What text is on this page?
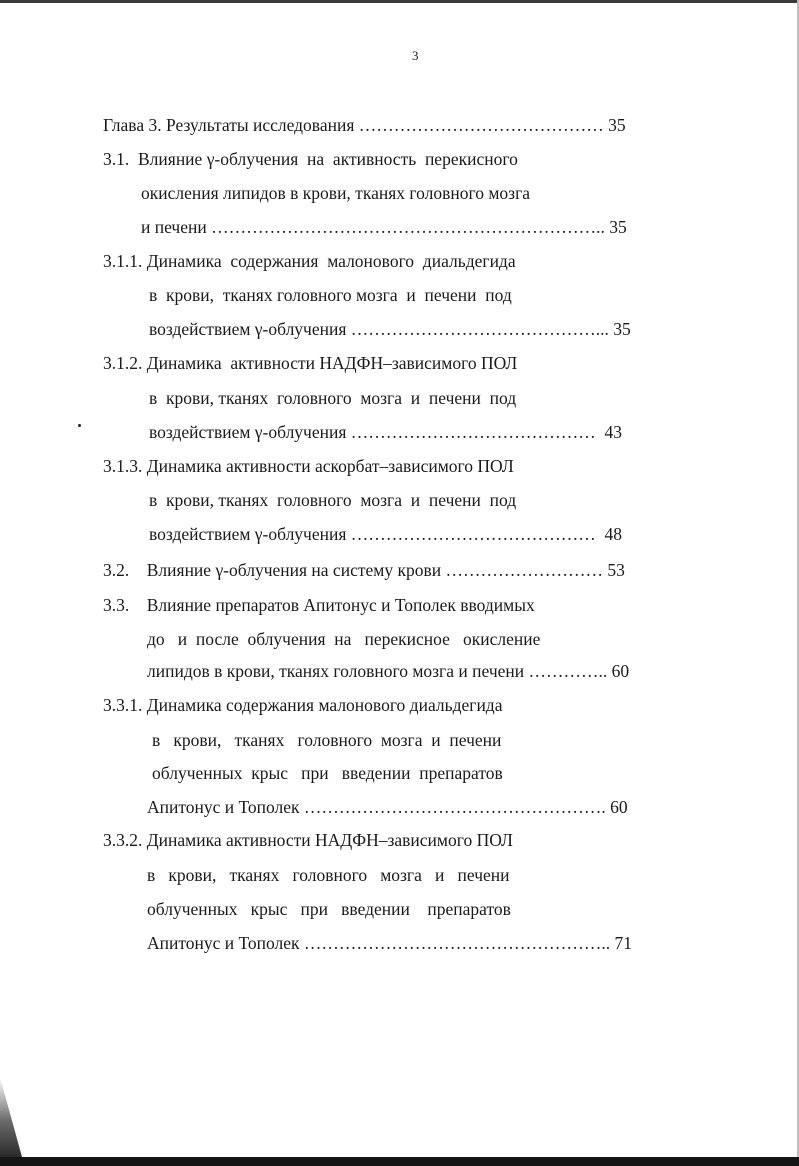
3
Глава 3. Результаты исследования …………………………………… 35
3.1.  Влияние γ-облучения  на  активность  перекисного
окисления липидов в крови, тканях головного мозга
и печени ………………………………………………………….. 35
3.1.1. Динамика  содержания  малонового  диальдегида
в  крови,  тканях головного мозга  и  печени  под
воздействием γ-облучения ……………………………………... 35
3.1.2. Динамика  активности НАДФН–зависимого ПОЛ
в  крови, тканях  головного  мозга  и  печени  под
воздействием γ-облучения ……………………………………  43
3.1.3. Динамика активности аскорбат–зависимого ПОЛ
в  крови, тканях  головного  мозга  и  печени  под
воздействием γ-облучения ……………………………………  48
3.2.    Влияние γ-облучения на систему крови ……………………… 53
3.3.    Влияние препаратов Апитонус и Тополек вводимых
до   и  после  облучения  на   перекисное   окисление
липидов в крови, тканях головного мозга и печени ………….. 60
3.3.1. Динамика содержания малонового диальдегида
в   крови,   тканях   головного  мозга  и  печени
облученных  крыс   при   введении  препаратов
Апитонус и Тополек ……………………………………………. 60
3.3.2. Динамика активности НАДФН–зависимого ПОЛ
в   крови,   тканях   головного   мозга   и   печени
облученных   крыс   при   введении    препаратов
Апитонус и Тополек …………………………………………….. 71
